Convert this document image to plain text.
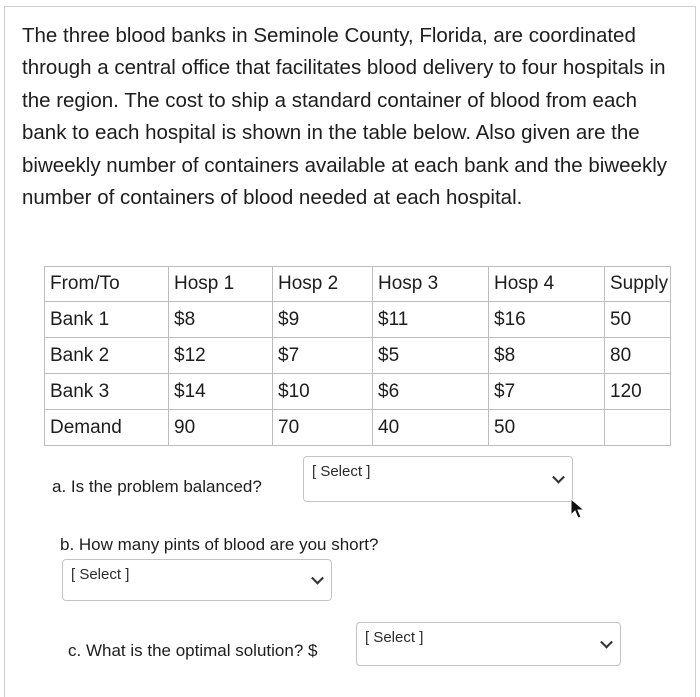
The three blood banks in Seminole County, Florida, are coordinated through a central office that facilitates blood delivery to four hospitals in the region. The cost to ship a standard container of blood from each bank to each hospital is shown in the table below. Also given are the biweekly number of containers available at each bank and the biweekly number of containers of blood needed at each hospital.
From/To	Hosp 1	Hosp 2	Hosp 3	Hosp 4	Supply
Bank 1	$8	$9	$11	$16	50
Bank 2	$12	$7	$5	$8	80
Bank 3	$14	$10	$6	$7	120
Demand	90	70	40	50	
a. Is the problem balanced?
[ Select ]
b. How many pints of blood are you short?
[ Select ]
c. What is the optimal solution? $
[ Select ]
